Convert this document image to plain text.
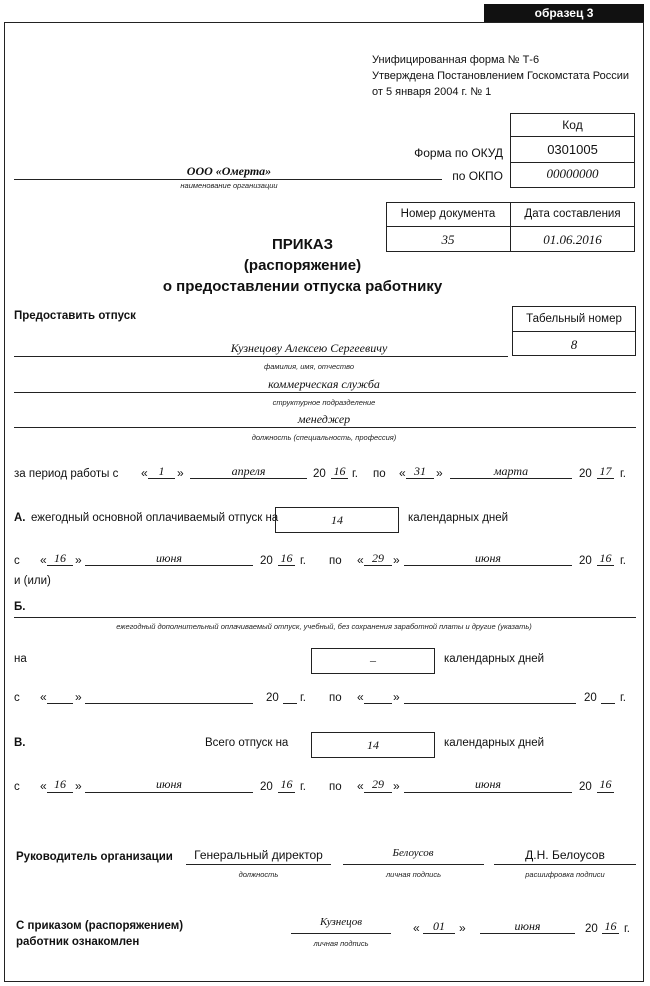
образец 3
Унифицированная форма № Т-6
Утверждена Постановлением Госкомстата России
от 5 января 2004 г. № 1
Код
Форма по ОКУД	0301005
по ОКПО	00000000
ООО «Омерта»
наименование организации
Номер документа	Дата составления
35	01.06.2016
ПРИКАЗ
(распоряжение)
о предоставлении отпуска работнику
Предоставить отпуск	Табельный номер
8
Кузнецову Алексею Сергеевичу
фамилия, имя, отчество
коммерческая служба
структурное подразделение
менеджер
должность (специальность, профессия)
за период работы с « 1	»	апреля	20 16 г. по « 31 »	марта	20 17 г.
А. ежегодный основной оплачиваемый отпуск на	14	календарных дней
с « 16 »	июня	20 16 г. по « 29 »	июня	20 16 г.
и (или)
Б.
ежегодный дополнительный оплачиваемый отпуск, учебный, без сохранения заработной платы и другие (указать)
на	–	календарных дней
с « »	20 г. по « »	20 г.
В.	Всего отпуск на	14	календарных дней
с « 16 »	июня	20 16 г. по « 29 »	июня	20 16
Руководитель организации	Генеральный директор
должность
Белоусов
личная подпись
Д.Н. Белоусов
расшифровка подписи
С приказом (распоряжением)
работник ознакомлен
Кузнецов
личная подпись
«	01	»	июня	20 16 г.
